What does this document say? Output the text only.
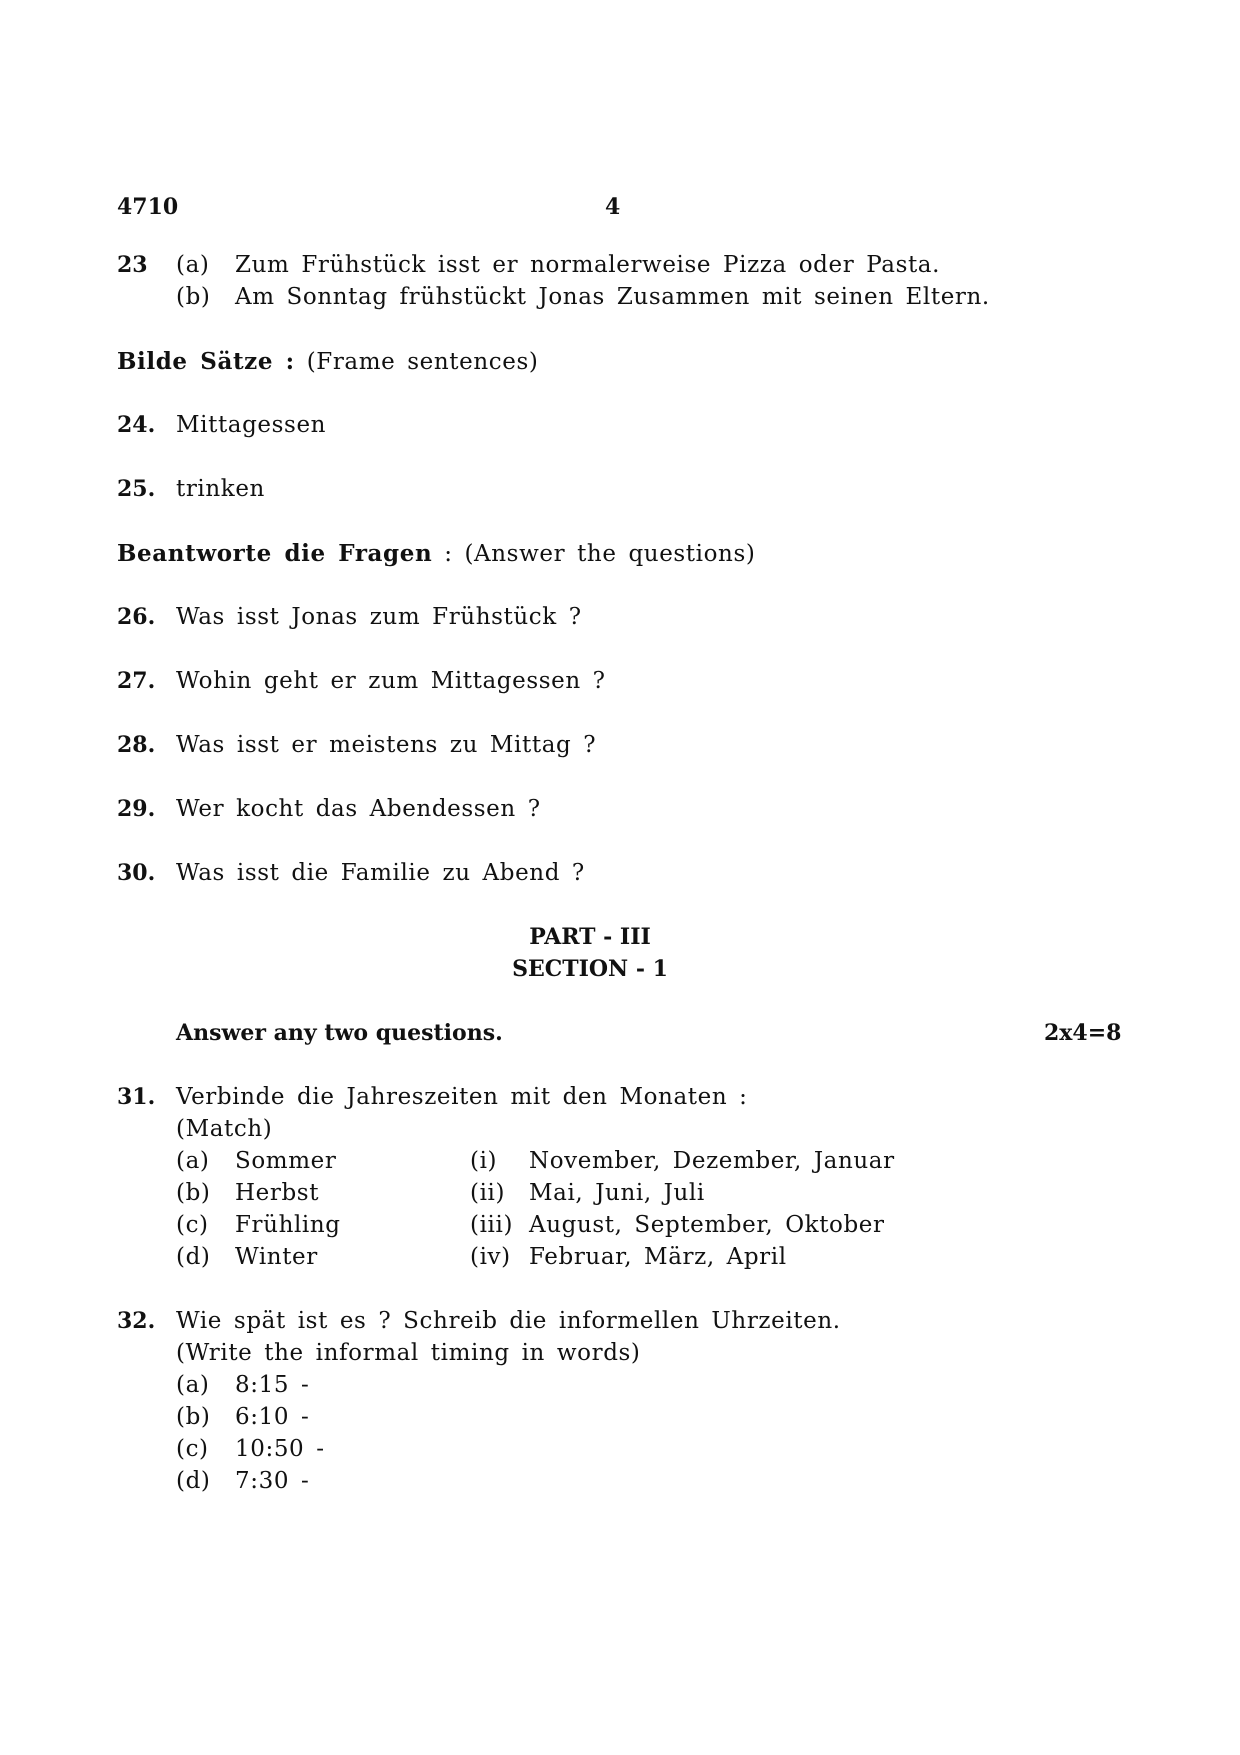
4710	4
23 (a) Zum Frühstück isst er normalerweise Pizza oder Pasta.
(b) Am Sonntag frühstückt Jonas Zusammen mit seinen Eltern.
Bilde Sätze : (Frame sentences)
24. Mittagessen
25. trinken
Beantworte die Fragen : (Answer the questions)
26. Was isst Jonas zum Frühstück ?
27. Wohin geht er zum Mittagessen ?
28. Was isst er meistens zu Mittag ?
29. Wer kocht das Abendessen ?
30. Was isst die Familie zu Abend ?
PART - III
SECTION - 1
Answer any two questions.	2x4=8
31. Verbinde die Jahreszeiten mit den Monaten :
(Match)
(a) Sommer	(i) November, Dezember, Januar
(b) Herbst	(ii) Mai, Juni, Juli
(c) Frühling	(iii) August, September, Oktober
(d) Winter	(iv) Februar, März, April
32. Wie spät ist es ? Schreib die informellen Uhrzeiten.
(Write the informal timing in words)
(a) 8:15 -
(b) 6:10 -
(c) 10:50 -
(d) 7:30 -
